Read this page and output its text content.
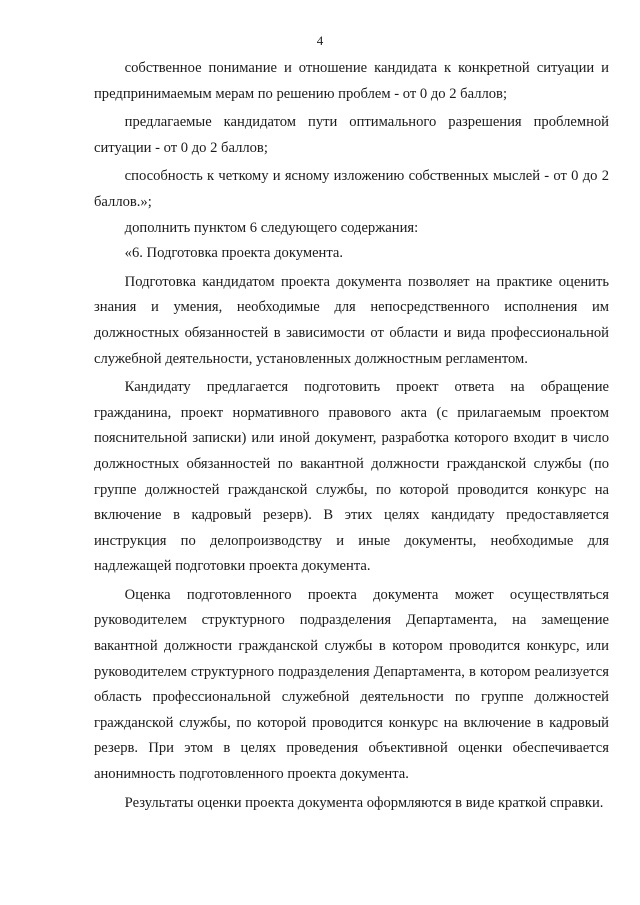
4

собственное понимание и отношение кандидата к конкретной ситуации и предпринимаемым мерам по решению проблем - от 0 до 2 баллов;

предлагаемые кандидатом пути оптимального разрешения проблемной ситуации - от 0 до 2 баллов;

способность к четкому и ясному изложению собственных мыслей - от 0 до 2 баллов.»;

дополнить пунктом 6 следующего содержания:

«6. Подготовка проекта документа.

Подготовка кандидатом проекта документа позволяет на практике оценить знания и умения, необходимые для непосредственного исполнения им должностных обязанностей в зависимости от области и вида профессиональной служебной деятельности, установленных должностным регламентом.

Кандидату предлагается подготовить проект ответа на обращение гражданина, проект нормативного правового акта (с прилагаемым проектом пояснительной записки) или иной документ, разработка которого входит в число должностных обязанностей по вакантной должности гражданской службы (по группе должностей гражданской службы, по которой проводится конкурс на включение в кадровый резерв). В этих целях кандидату предоставляется инструкция по делопроизводству и иные документы, необходимые для надлежащей подготовки проекта документа.

Оценка подготовленного проекта документа может осуществляться руководителем структурного подразделения Департамента, на замещение вакантной должности гражданской службы в котором проводится конкурс, или руководителем структурного подразделения Департамента, в котором реализуется область профессиональной служебной деятельности по группе должностей гражданской службы, по которой проводится конкурс на включение в кадровый резерв. При этом в целях проведения объективной оценки обеспечивается анонимность подготовленного проекта документа.

Результаты оценки проекта документа оформляются в виде краткой справки.
